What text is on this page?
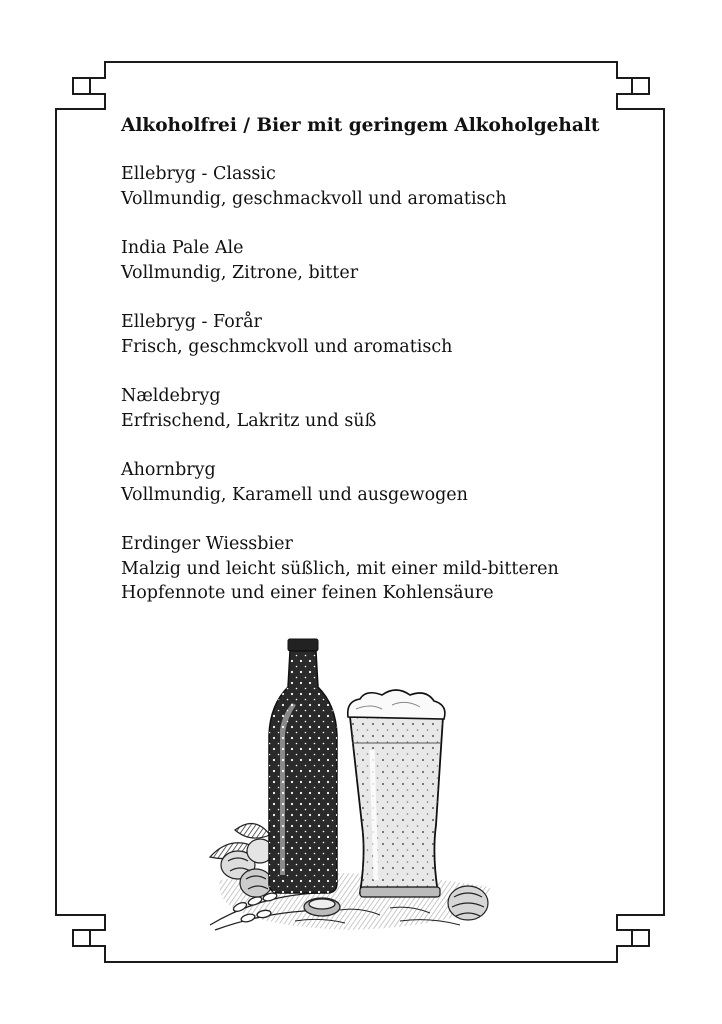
Alkoholfrei / Bier mit geringem Alkoholgehalt
Ellebryg - Classic
Vollmundig, geschmackvoll und aromatisch
India Pale Ale
Vollmundig, Zitrone, bitter
Ellebryg - Forår
Frisch, geschmckvoll und aromatisch
Nældebryg
Erfrischend, Lakritz und süß
Ahornbryg
Vollmundig, Karamell und ausgewogen
Erdinger Wiessbier
Malzig und leicht süßlich, mit einer mild-bitteren
Hopfennote und einer feinen Kohlensäure
